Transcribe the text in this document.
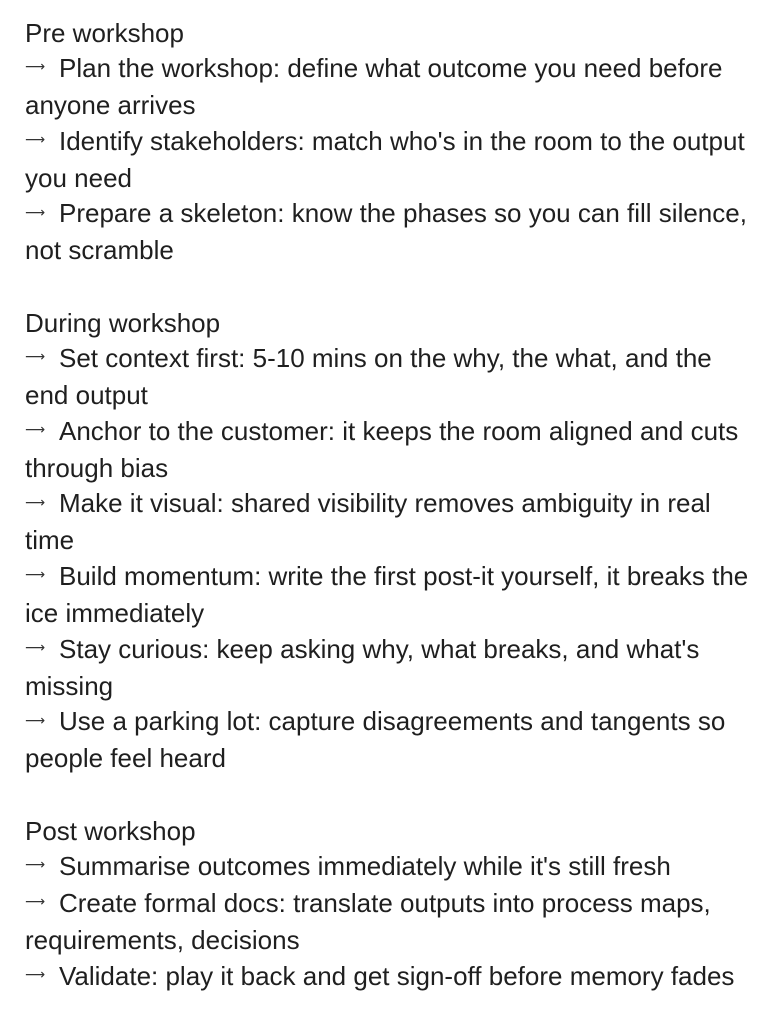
Pre workshop

⟶ Plan the workshop: define what outcome you need before anyone arrives

⟶ Identify stakeholders: match who's in the room to the output you need

⟶ Prepare a skeleton: know the phases so you can fill silence, not scramble

During workshop

⟶ Set context first: 5-10 mins on the why, the what, and the end output

⟶ Anchor to the customer: it keeps the room aligned and cuts through bias

⟶ Make it visual: shared visibility removes ambiguity in real time

⟶ Build momentum: write the first post-it yourself, it breaks the ice immediately

⟶ Stay curious: keep asking why, what breaks, and what's missing

⟶ Use a parking lot: capture disagreements and tangents so people feel heard

Post workshop

⟶ Summarise outcomes immediately while it's still fresh

⟶ Create formal docs: translate outputs into process maps, requirements, decisions

⟶ Validate: play it back and get sign-off before memory fades
